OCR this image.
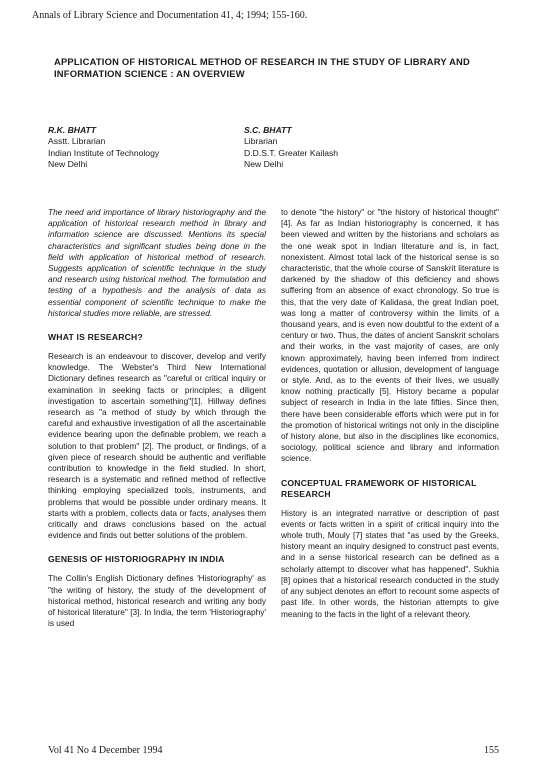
Annals of Library Science and Documentation 41, 4; 1994; 155-160.
APPLICATION OF HISTORICAL METHOD OF RESEARCH IN THE STUDY OF LIBRARY AND INFORMATION SCIENCE : AN OVERVIEW
R.K. BHATT
Asstt. Librarian
Indian Institute of Technology
New Delhi
S.C. BHATT
Librarian
D.D.S.T. Greater Kailash
New Delhi

The need and importance of library historiography and the application of historical research method in library and information science are discussed. Mentions its special characteristics and significant studies being done in the field with application of historical method of research. Suggests application of scientific technique in the study and research using historical method. The formulation and testing of a hypothesis and the analysis of data as essential component of scientific technique to make the historical studies more reliable, are stressed.

WHAT IS RESEARCH?

Research is an endeavour to discover, develop and verify knowledge. The Webster's Third New International Dictionary defines research as "careful or critical inquiry or examination in seeking facts or principles; a diligent investigation to ascertain something"[1]. Hillway defines research as "a method of study by which through the careful and exhaustive investigation of all the ascertainable evidence bearing upon the definable problem, we reach a solution to that problem" [2]. The product, or findings, of a given piece of research should be authentic and verifiable contribution to knowledge in the field studied. In short, research is a systematic and refined method of reflective thinking employing specialized tools, instruments, and problems that would be possible under ordinary means. It starts with a problem, collects data or facts, analyses them critically and draws conclusions based on the actual evidence and finds out better solutions of the problem.

GENESIS OF HISTORIOGRAPHY IN INDIA

The Collin's English Dictionary defines 'Historiography' as "the writing of history, the study of the development of historical method, historical research and writing any body of historical literature" [3]. In India, the term 'Historiography' is used

to denote "the history" or "the history of historical thought" [4]. As far as Indian historiography is concerned, it has been viewed and written by the historians and scholars as the one weak spot in Indian literature and is, in fact, nonexistent. Almost total lack of the historical sense is so characteristic, that the whole course of Sanskrit literature is darkened by the shadow of this deficiency and shows suffering from an absence of exact chronology. So true is this, that the very date of Kalidasa, the great Indian poet, was long a matter of controversy within the limits of a thousand years, and is even now doubtful to the extent of a century or two. Thus, the dates of ancient Sanskrit scholars and their works, in the vast majority of cases, are only known approximately, having been inferred from indirect evidences, quotation or allusion, development of language or style. And, as to the events of their lives, we usually know nothing practically [5]. History became a popular subject of research in India in the late fifties. Since then, there have been considerable efforts which were put in for the promotion of historical writings not only in the discipline of history alone, but also in the disciplines like economics, sociology, political science and library and information science.

CONCEPTUAL FRAMEWORK OF HISTORICAL RESEARCH

History is an integrated narrative or description of past events or facts written in a spirit of critical inquiry into the whole truth, Mouly [7] states that "as used by the Greeks, history meant an inquiry designed to construct past events, and in a sense historical research can be defined as a scholarly attempt to discover what has happened". Sukhia [8] opines that a historical research conducted in the study of any subject denotes an effort to recount some aspects of past life. In other words, the historian attempts to give meaning to the facts in the light of a relevant theory.

Vol 41 No 4 December 1994	155
